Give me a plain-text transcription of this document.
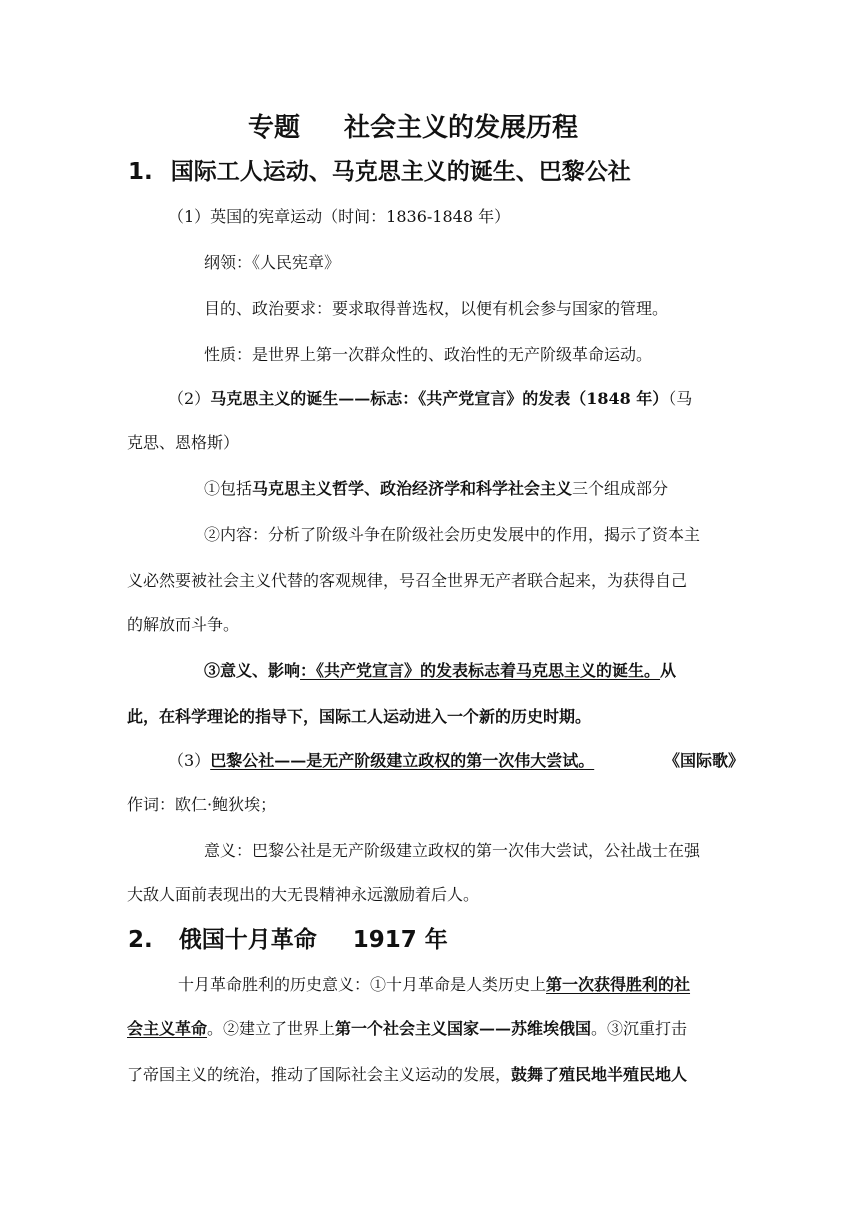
专题 社会主义的发展历程
1. 国际工人运动、马克思主义的诞生、巴黎公社
（1）英国的宪章运动（时间：1836-1848 年）
纲领：《人民宪章》
目的、政治要求：要求取得普选权，以便有机会参与国家的管理。
性质：是世界上第一次群众性的、政治性的无产阶级革命运动。
（2）马克思主义的诞生——标志：《共产党宣言》的发表（1848 年）（马
克思、恩格斯）
①包括马克思主义哲学、政治经济学和科学社会主义三个组成部分
②内容：分析了阶级斗争在阶级社会历史发展中的作用，揭示了资本主
义必然要被社会主义代替的客观规律，号召全世界无产者联合起来，为获得自己
的解放而斗争。
③意义、影响：《共产党宣言》的发表标志着马克思主义的诞生。从
此，在科学理论的指导下，国际工人运动进入一个新的历史时期。
（3）巴黎公社——是无产阶级建立政权的第一次伟大尝试。	《国际歌》
作词：欧仁·鲍狄埃；
意义：巴黎公社是无产阶级建立政权的第一次伟大尝试，公社战士在强
大敌人面前表现出的大无畏精神永远激励着后人。
2. 俄国十月革命 1917 年
十月革命胜利的历史意义：①十月革命是人类历史上第一次获得胜利的社
会主义革命。②建立了世界上第一个社会主义国家——苏维埃俄国。③沉重打击
了帝国主义的统治，推动了国际社会主义运动的发展，鼓舞了殖民地半殖民地人
